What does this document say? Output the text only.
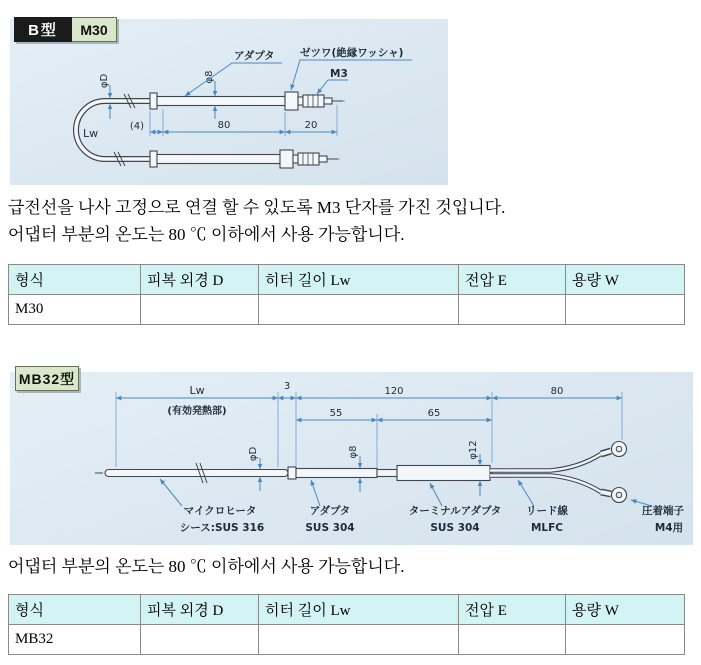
B型	M30
φD	φ8
Lw
(4)	80	20
アダプタ ゼツワ(絶縁ワッシャ)
M3

급전선을 나사 고정으로 연결 할 수 있도록 M3 단자를 가진 것입니다.
어댑터 부분의 온도는 80 ℃ 이하에서 사용 가능합니다.

형식	피복 외경 D	히터 길이 Lw	전압 E	용량 W
M30				
MB32型
Lw
(有効発熱部)
3	120	80
55	65
φD	φ8	φ12
マイクロヒータ
シース:SUS 316
アダプタ
SUS 304
ターミナルアダプタ
SUS 304
リード線
MLFC
圧着端子
M4用

어댑터 부분의 온도는 80 ℃ 이하에서 사용 가능합니다.

형식	피복 외경 D	히터 길이 Lw	전압 E	용량 W
MB32				
